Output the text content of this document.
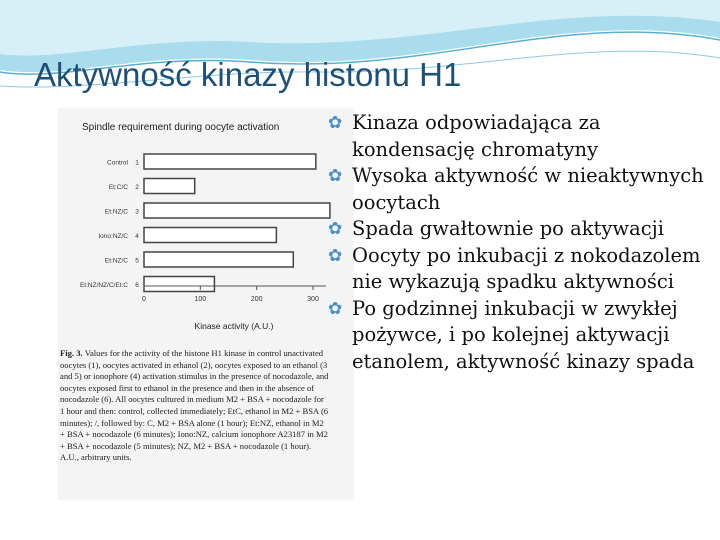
Aktywność kinazy histonu H1
Spindle requirement during oocyte activation
Control 1
Et:C/C 2
Et:NZ/C 3
Iono:NZ/C 4
Et:NZ/C 5
Et:NZ/NZ/C/Et:C 6
0	100	200	300
Kinase activity (A.U.)
Fig. 3. Values for the activity of the histone H1 kinase in control unactivated oocytes (1), oocytes activated in ethanol (2), oocytes exposed to an ethanol (3 and 5) or ionophore (4) activation stimulus in the presence of nocodazole, and oocytes exposed first to ethanol in the presence and then in the absence of nocodazole (6). All oocytes cultured in medium M2 + BSA + nocodazole for 1 hour and then: control, collected immediately; EtC, ethanol in M2 + BSA (6 minutes); /, followed by: C, M2 + BSA alone (1 hour); Et:NZ, ethanol in M2 + BSA + nocodazole (6 minutes); Iono:NZ, calcium ionophore A23187 in M2 + BSA + nocodazole (5 minutes); NZ, M2 + BSA + nocodazole (1 hour). A.U., arbitrary units.
✿
Kinaza odpowiadająca za kondensację chromatyny
✿
Wysoka aktywność w nieaktywnych oocytach
✿
Spada gwałtownie po aktywacji
✿
Oocyty po inkubacji z nokodazolem nie wykazują spadku aktywności
✿
Po godzinnej inkubacji w zwykłej pożywce, i po kolejnej aktywacji etanolem, aktywność kinazy spada
